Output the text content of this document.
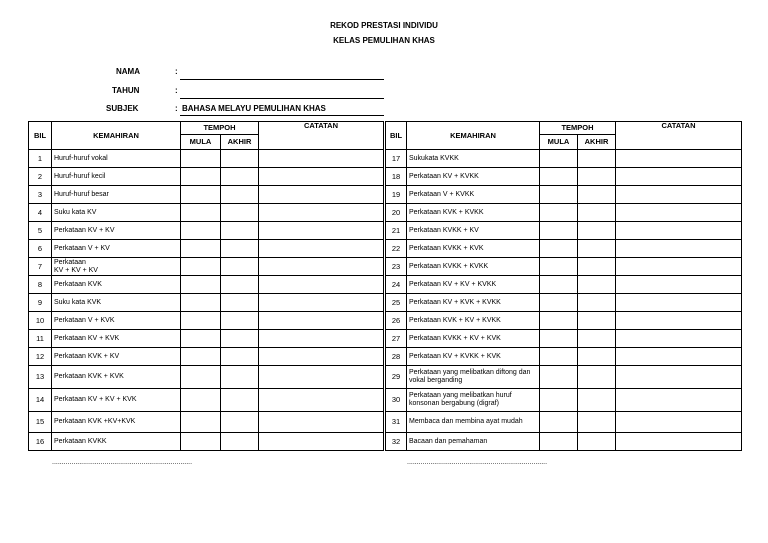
REKOD PRESTASI INDIVIDU
KELAS PEMULIHAN KHAS
NAMA	:
TAHUN	:
SUBJEK	: BAHASA MELAYU PEMULIHAN KHAS
BIL	KEMAHIRAN	TEMPOH		CATATAN		BIL	KEMAHIRAN	TEMPOH		CATATAN
		MULA	AKHIR					MULA	AKHIR	
1	Huruf-huruf vokal					17	Sukukata KVKK			
2	Huruf-huruf kecil					18	Perkataan KV + KVKK			
3	Huruf-huruf besar					19	Perkataan V + KVKK			
4	Suku kata KV					20	Perkataan KVK + KVKK			
5	Perkataan KV + KV					21	Perkataan KVKK + KV			
6	Perkataan V + KV					22	Perkataan KVKK + KVK			
7	Perkataan
KV + KV + KV					23	Perkataan KVKK + KVKK			
8	Perkataan KVK					24	Perkataan KV + KV + KVKK			
9	Suku kata KVK					25	Perkataan KV + KVK + KVKK			
10	Perkataan V + KVK					26	Perkataan KVK + KV + KVKK			
11	Perkataan KV + KVK					27	Perkataan KVKK + KV + KVK			
12	Perkataan KVK + KV					28	Perkataan KV + KVKK + KVK			
13	Perkataan KVK + KVK					29	Perkataan yang melibatkan diftong dan vokal berganding			
14	Perkataan KV + KV + KVK					30	Perkataan yang melibatkan huruf konsonan bergabung (digraf)			
15	Perkataan KVK +KV+KVK					31	Membaca dan membina ayat mudah			
16	Perkataan KVKK					32	Bacaan dan pemahaman			
........................................................................	........................................................................
